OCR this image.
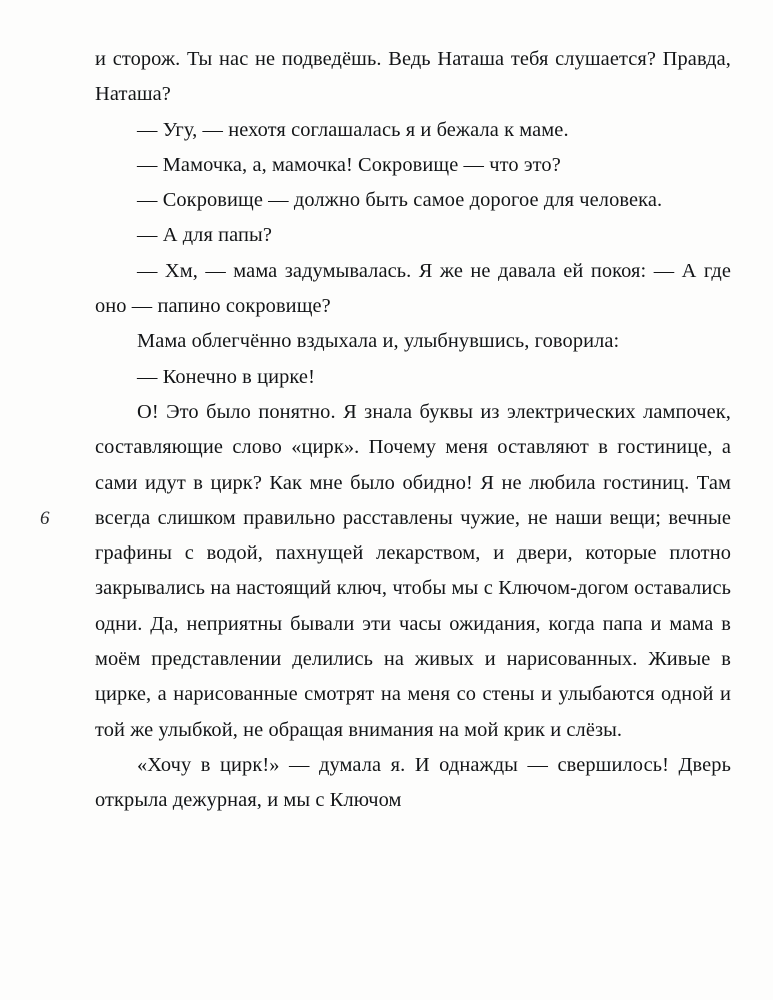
6

и сторож. Ты нас не подведёшь. Ведь Наташа тебя слушается? Правда, Наташа?

— Угу, — нехотя соглашалась я и бежала к маме.

— Мамочка, а, мамочка! Сокровище — что это?

— Сокровище — должно быть самое дорогое для человека.

— А для папы?

— Хм, — мама задумывалась. Я же не давала ей покоя: — А где оно — папино сокровище?

Мама облегчённо вздыхала и, улыбнувшись, говорила:

— Конечно в цирке!

О! Это было понятно. Я знала буквы из электрических лампочек, составляющие слово «цирк». Почему меня оставляют в гостинице, а сами идут в цирк? Как мне было обидно! Я не любила гостиниц. Там всегда слишком правильно расставлены чужие, не наши вещи; вечные графины с водой, пахнущей лекарством, и двери, которые плотно закрывались на настоящий ключ, чтобы мы с Ключом-догом оставались одни. Да, неприятны бывали эти часы ожидания, когда папа и мама в моём представлении делились на живых и нарисованных. Живые в цирке, а нарисованные смотрят на меня со стены и улыбаются одной и той же улыбкой, не обращая внимания на мой крик и слёзы.

«Хочу в цирк!» — думала я. И однажды — свершилось! Дверь открыла дежурная, и мы с Ключом
